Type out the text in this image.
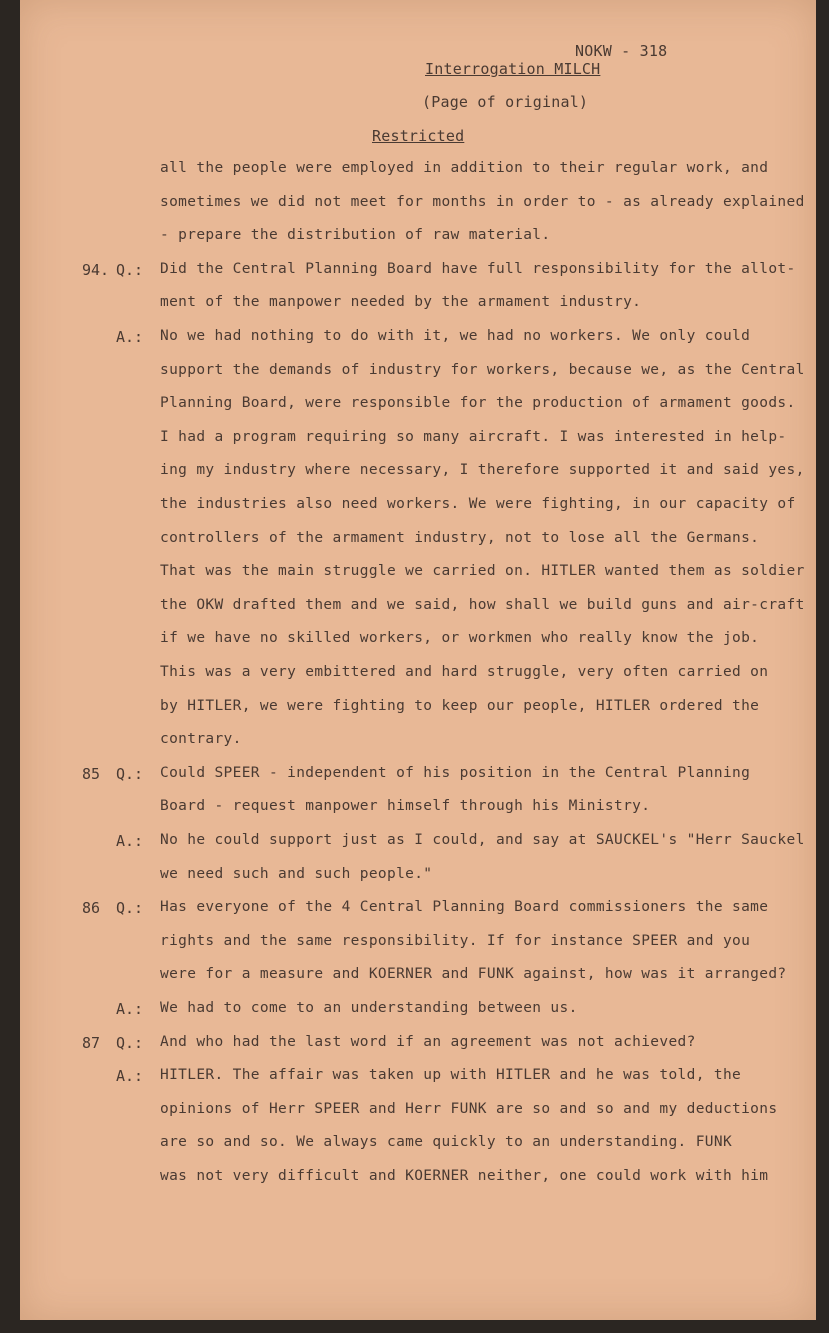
NOKW - 318
Interrogation MILCH
(Page of original)
Restricted
all the people were employed in addition to their regular work, and
sometimes we did not meet for months in order to - as already explained
- prepare the distribution of raw material.
94. Q.: Did the Central Planning Board have full responsibility for the allot-
ment of the manpower needed by the armament industry.
A.: No we had nothing to do with it, we had no workers. We only could
support the demands of industry for workers, because we, as the Central
Planning Board, were responsible for the production of armament goods.
I had a program requiring so many aircraft. I was interested in help-
ing my industry where necessary, I therefore supported it and said yes,
the industries also need workers. We were fighting, in our capacity of
controllers of the armament industry, not to lose all the Germans.
That was the main struggle we carried on. HITLER wanted them as soldier
the OKW drafted them and we said, how shall we build guns and air-craft
if we have no skilled workers, or workmen who really know the job.
This was a very embittered and hard struggle, very often carried on
by HITLER, we were fighting to keep our people, HITLER ordered the
contrary.
85 Q.: Could SPEER - independent of his position in the Central Planning
Board - request manpower himself through his Ministry.
A.: No he could support just as I could, and say at SAUCKEL's "Herr Sauckel
we need such and such people."
86 Q.: Has everyone of the 4 Central Planning Board commissioners the same
rights and the same responsibility. If for instance SPEER and you
were for a measure and KOERNER and FUNK against, how was it arranged?
A.: We had to come to an understanding between us.
87 Q.: And who had the last word if an agreement was not achieved?
A.: HITLER. The affair was taken up with HITLER and he was told, the
opinions of Herr SPEER and Herr FUNK are so and so and my deductions
are so and so. We always came quickly to an understanding. FUNK
was not very difficult and KOERNER neither, one could work with him
